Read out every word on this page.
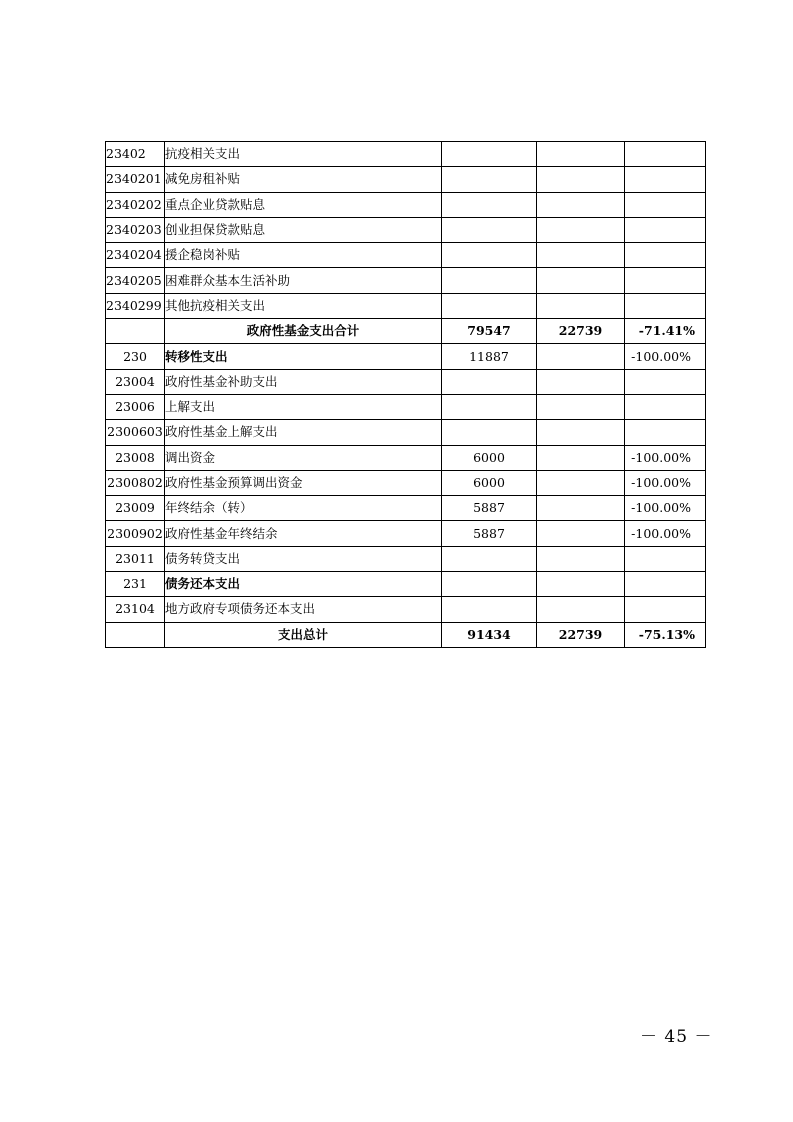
23402	抗疫相关支出			
2340201	减免房租补贴			
2340202	重点企业贷款贴息			
2340203	创业担保贷款贴息			
2340204	援企稳岗补贴			
2340205	困难群众基本生活补助			
2340299	其他抗疫相关支出			
	政府性基金支出合计	79547	22739	-71.41%
230	转移性支出	11887		-100.00%
23004	政府性基金补助支出			
23006	上解支出			
2300603	政府性基金上解支出			
23008	调出资金	6000		-100.00%
2300802	政府性基金预算调出资金	6000		-100.00%
23009	年终结余（转）	5887		-100.00%
2300902	政府性基金年终结余	5887		-100.00%
23011	债务转贷支出			
231	债务还本支出			
23104	地方政府专项债务还本支出			
	支出总计	91434	22739	-75.13%
－ 45 －
